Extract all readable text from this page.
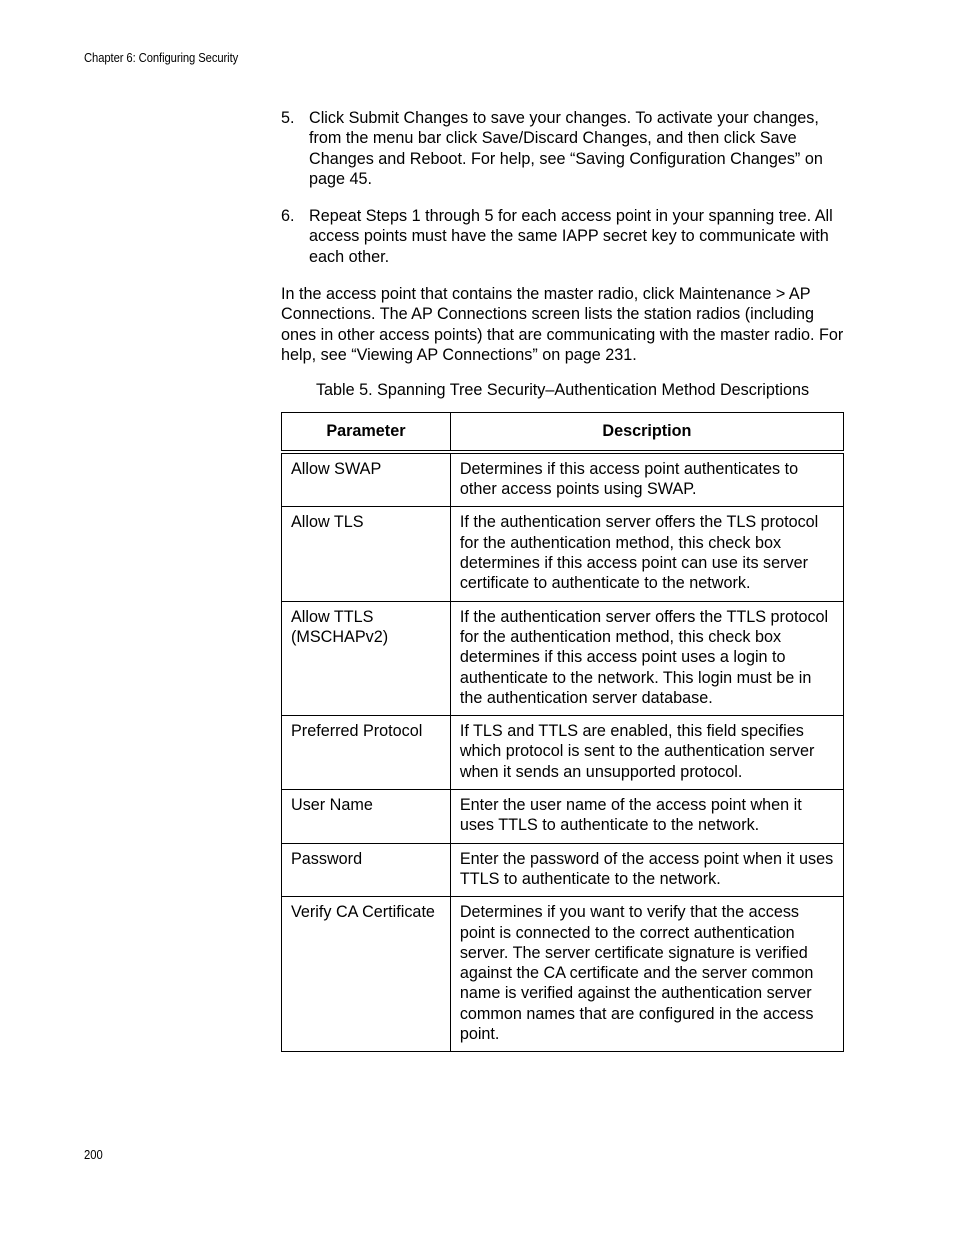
Chapter 6: Configuring Security
5. Click Submit Changes to save your changes. To activate your changes, from the menu bar click Save/Discard Changes, and then click Save Changes and Reboot. For help, see “Saving Configuration Changes” on page 45.
6. Repeat Steps 1 through 5 for each access point in your spanning tree. All access points must have the same IAPP secret key to communicate with each other.

In the access point that contains the master radio, click Maintenance > AP Connections. The AP Connections screen lists the station radios (including ones in other access points) that are communicating with the master radio. For help, see “Viewing AP Connections” on page 231.

Table 5. Spanning Tree Security–Authentication Method Descriptions
Parameter	Description
Allow SWAP	Determines if this access point authenticates to other access points using SWAP.
Allow TLS	If the authentication server offers the TLS protocol for the authentication method, this check box determines if this access point can use its server certificate to authenticate to the network.
Allow TTLS (MSCHAPv2)	If the authentication server offers the TTLS protocol for the authentication method, this check box determines if this access point uses a login to authenticate to the network. This login must be in the authentication server database.
Preferred Protocol	If TLS and TTLS are enabled, this field specifies which protocol is sent to the authentication server when it sends an unsupported protocol.
User Name	Enter the user name of the access point when it uses TTLS to authenticate to the network.
Password	Enter the password of the access point when it uses TTLS to authenticate to the network.
Verify CA Certificate	Determines if you want to verify that the access point is connected to the correct authentication server. The server certificate signature is verified against the CA certificate and the server common name is verified against the authentication server common names that are configured in the access point.
200
